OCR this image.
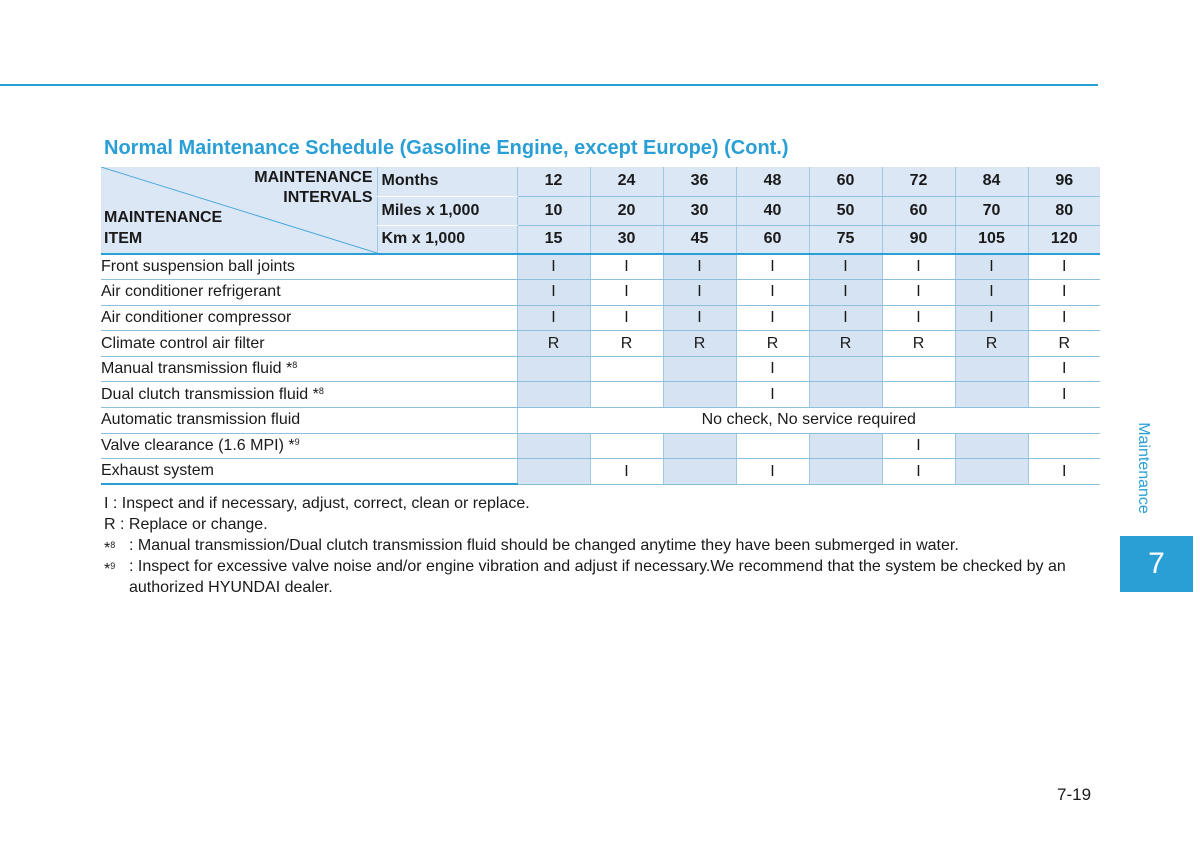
Normal Maintenance Schedule (Gasoline Engine, except Europe) (Cont.)
MAINTENANCE
INTERVALS
MAINTENANCE
ITEM	Months	12	24	36	48	60	72	84	96
	Miles x 1,000	10	20	30	40	50	60	70	80
	Km x 1,000	15	30	45	60	75	90	105	120
Front suspension ball joints		I	I	I	I	I	I	I	I
Air conditioner refrigerant		I	I	I	I	I	I	I	I
Air conditioner compressor		I	I	I	I	I	I	I	I
Climate control air filter		R	R	R	R	R	R	R	R
Manual transmission fluid *$^8$					I				I
Dual clutch transmission fluid *$^8$					I				I
Automatic transmission fluid		No check, No service required							
Valve clearance (1.6 MPI) *$^9$							I		
Exhaust system			I		I		I		I
I : Inspect and if necessary, adjust, correct, clean or replace.
R : Replace or change.
*$^8$ : Manual transmission/Dual clutch transmission fluid should be changed anytime they have been submerged in water.
*$^9$ : Inspect for excessive valve noise and/or engine vibration and adjust if necessary.We recommend that the system be checked by an authorized HYUNDAI dealer.
Maintenance
7
7-19
